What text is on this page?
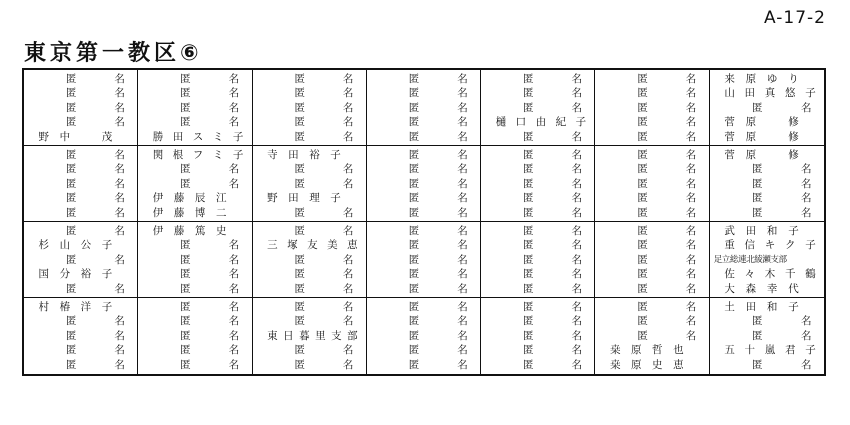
A-17-2
東京第一教区⑥
匿名
匿名
匿名
匿名
野中　茂
匿名
匿名
匿名
匿名
勝田スミ子
匿名
匿名
匿名
匿名
匿名
匿名
匿名
匿名
匿名
匿名
匿名
匿名
匿名
樋口由紀子
匿名
匿名
匿名
匿名
匿名
匿名
来原ゆり
山田真悠子
匿名
菅原　修
菅原　修
匿名
匿名
匿名
匿名
匿名
関根フミ子
匿名
匿名
伊藤辰江
伊藤博二
寺田裕子
匿名
匿名
野田理子
匿名
匿名
匿名
匿名
匿名
匿名
匿名
匿名
匿名
匿名
匿名
匿名
匿名
匿名
匿名
匿名
菅原　修
匿名
匿名
匿名
匿名
匿名
杉山公子
匿名
国分裕子
匿名
伊藤篤史
匿名
匿名
匿名
匿名
匿名
三塚友美恵
匿名
匿名
匿名
匿名
匿名
匿名
匿名
匿名
匿名
匿名
匿名
匿名
匿名
匿名
匿名
匿名
匿名
匿名
武田和子
重信キク子
足立総連北綾瀬支部
佐々木千鶴
大森幸代
村椿洋子
匿名
匿名
匿名
匿名
匿名
匿名
匿名
匿名
匿名
匿名
匿名
東日暮里支部
匿名
匿名
匿名
匿名
匿名
匿名
匿名
匿名
匿名
匿名
匿名
匿名
匿名
匿名
匿名
桒原哲也
桒原史恵
土田和子
匿名
匿名
五十嵐君子
匿名
